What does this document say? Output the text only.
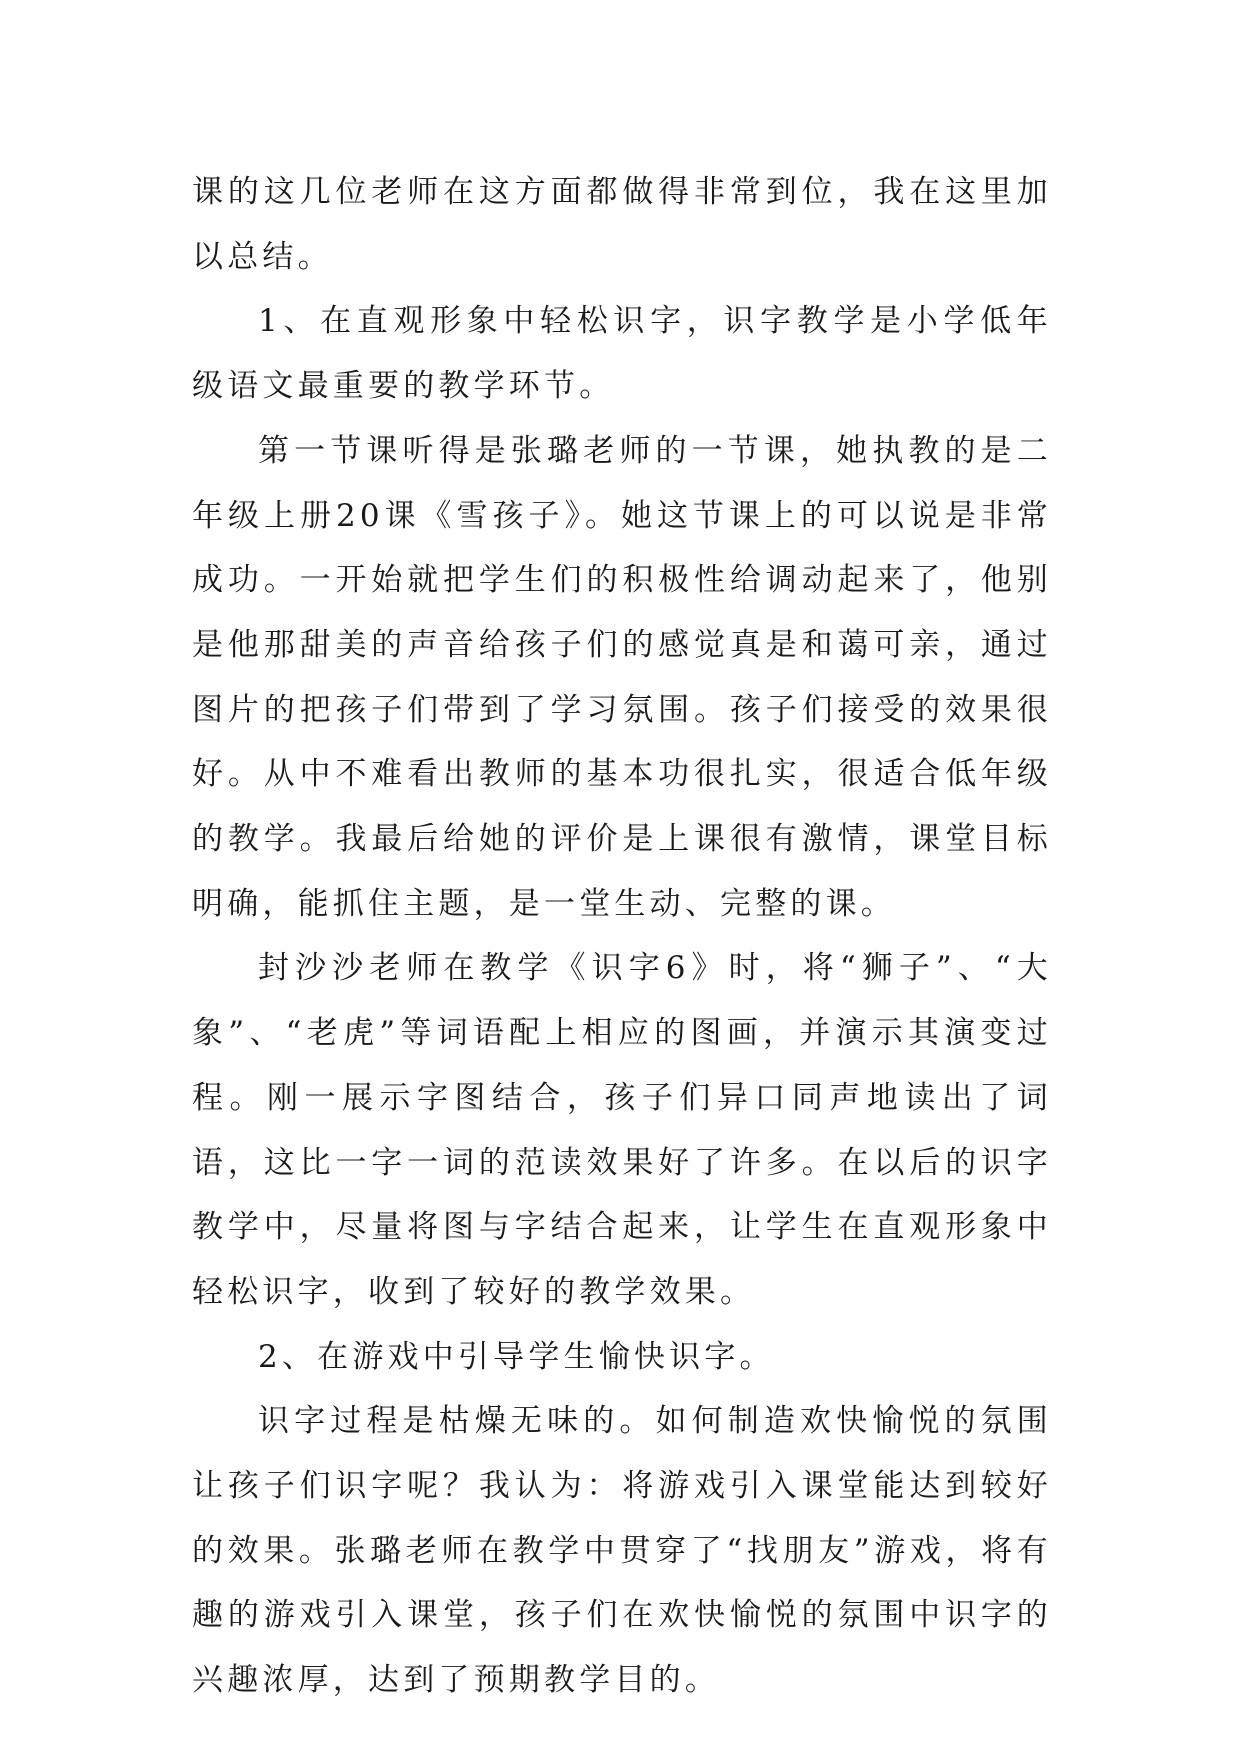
课的这几位老师在这方面都做得非常到位，我在这里加以总结。

1、在直观形象中轻松识字，识字教学是小学低年级语文最重要的教学环节。

第一节课听得是张璐老师的一节课，她执教的是二年级上册20课《雪孩子》。她这节课上的可以说是非常成功。一开始就把学生们的积极性给调动起来了，他别是他那甜美的声音给孩子们的感觉真是和蔼可亲，通过图片的把孩子们带到了学习氛围。孩子们接受的效果很好。从中不难看出教师的基本功很扎实，很适合低年级的教学。我最后给她的评价是上课很有激情，课堂目标明确，能抓住主题，是一堂生动、完整的课。

封沙沙老师在教学《识字6》时，将“狮子”、“大象”、“老虎”等词语配上相应的图画，并演示其演变过程。刚一展示字图结合，孩子们异口同声地读出了词语，这比一字一词的范读效果好了许多。在以后的识字教学中，尽量将图与字结合起来，让学生在直观形象中轻松识字，收到了较好的教学效果。

2、在游戏中引导学生愉快识字。

识字过程是枯燥无味的。如何制造欢快愉悦的氛围让孩子们识字呢？我认为：将游戏引入课堂能达到较好的效果。张璐老师在教学中贯穿了“找朋友”游戏，将有趣的游戏引入课堂，孩子们在欢快愉悦的氛围中识字的兴趣浓厚，达到了预期教学目的。
